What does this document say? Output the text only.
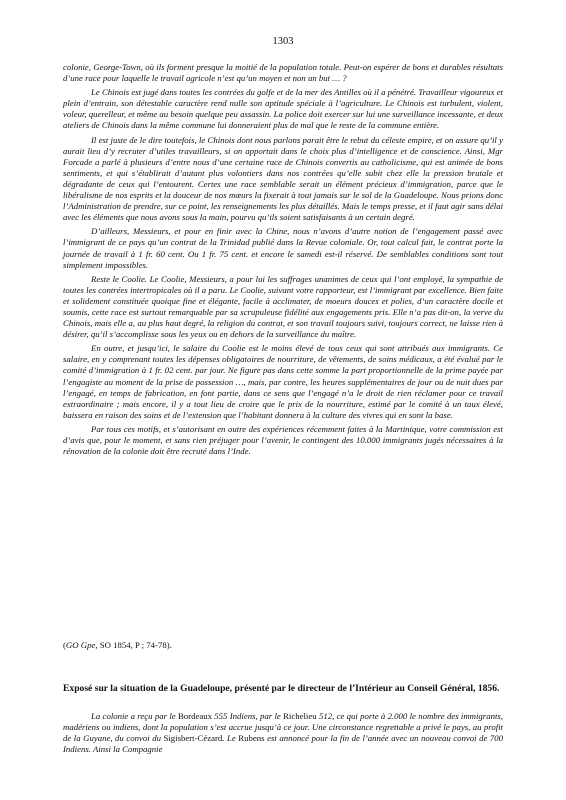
1303

colonie, George-Town, où ils forment presque la moitié de la population totale. Peut-on espérer de bons et durables résultats d’une race pour laquelle le travail agricole n’est qu’un moyen et non un but … ?

Le Chinois est jugé dans toutes les contrées du golfe et de la mer des Antilles où il a pénétré. Travailleur vigoureux et plein d’entrain, son détestable caractère rend nulle son aptitude spéciale à l’agriculture. Le Chinois est turbulent, violent, voleur, querelleur, et même au besoin quelque peu assassin. La police doit exercer sur lui une surveillance incessante, et deux ateliers de Chinois dans la même commune lui donneraient plus de mal que le reste de la commune entière.

Il est juste de le dire toutefois, le Chinois dont nous parlons parait être le rebut du céleste empire, et on assure qu’il y aurait lieu d’y recruter d’utiles travailleurs, si on apportait dans le choix plus d’intelligence et de conscience. Ainsi, Mgr Forcade a parlé à plusieurs d’entre nous d’une certaine race de Chinois convertis au catholicisme, qui est animée de bons sentiments, et qui s’établirait d’autant plus volontiers dans nos contrées qu’elle subit chez elle la pression brutale et dégradante de ceux qui l’entourent. Certes une race semblable serait un élément précieux d’immigration, parce que le libéralisme de nos esprits et la douceur de nos mœurs la fixerait à tout jamais sur le sol de la Guadeloupe. Nous prions donc l’Administration de prendre, sur ce point, les renseignements les plus détaillés. Mais le temps presse, et il faut agir sans délai avec les éléments que nous avons sous la main, pourvu qu’ils soient satisfaisants à un certain degré.

D’ailleurs, Messieurs, et pour en finir avec la Chine, nous n’avons d’autre notion de l’engagement passé avec l’immigrant de ce pays qu’un contrat de la Trinidad publié dans la Revue coloniale. Or, tout calcul fait, le contrat porte la journée de travail à 1 fr. 60 cent. Ou 1 fr. 75 cent. et encore le samedi est-il réservé. De semblables conditions sont tout simplement impossibles.

Reste le Coolie. Le Coolie, Messieurs, a pour lui les suffrages unanimes de ceux qui l’ont employé, la sympathie de toutes les contrées intertropicales où il a paru. Le Coolie, suivant votre rapporteur, est l’immigrant par excellence. Bien faite et solidement constituée quoique fine et élégante, facile à acclimater, de moeurs douces et polies, d’un caractère docile et soumis, cette race est surtout remarquable par sa scrupuleuse fidélité aux engagements pris. Elle n’a pas dit-on, la verve du Chinois, mais elle a, au plus haut degré, la religion du contrat, et son travail toujours suivi, toujours correct, ne laisse rien à désirer, qu’il s’accomplisse sous les yeux ou en dehors de la surveillance du maître.

En outre, et jusqu’ici, le salaire du Coolie est le moins élevé de tous ceux qui sont attribués aux immigrants. Ce salaire, en y comprenant toutes les dépenses obligatoires de nourriture, de vêtements, de soins médicaux, a été évalué par le comité d’immigration à 1 fr. 02 cent. par jour. Ne figure pas dans cette somme la part proportionnelle de la prime payée par l’engagiste au moment de la prise de possession …, mais, par contre, les heures supplémentaires de jour ou de nuit dues par l’engagé, en temps de fabrication, en font partie, dans ce sens que l’engagé n’a le droit de rien réclamer pour ce travail extraordinaire ; mais encore, il y a tout lieu de croire que le prix de la nourriture, estimé par le comité à un taux élevé, baissera en raison des soins et de l’extension que l’habitant donnera à la culture des vivres qui en sont la base.

Par tous ces motifs, et s’autorisant en outre des expériences récemment faites à la Martinique, votre commission est d’avis que, pour le moment, et sans rien préjuger pour l’avenir, le contingent des 10.000 immigrants jugés nécessaires à la rénovation de la colonie doit être recruté dans l’Inde.

(GO Gpe, SO 1854, P ; 74-78).
Exposé sur la situation de la Guadeloupe, présenté par le directeur de l’Intérieur au Conseil Général, 1856.

La colonie a reçu par le Bordeaux 555 Indiens, par le Richelieu 512, ce qui porte à 2.000 le nombre des immigrants, madériens ou indiens, dont la population s’est accrue jusqu’à ce jour. Une circonstance regrettable a privé le pays, au profit de la Guyane, du convoi du Sigisbert-Cézard. Le Rubens est annoncé pour la fin de l’année avec un nouveau convoi de 700 Indiens. Ainsi la Compagnie
